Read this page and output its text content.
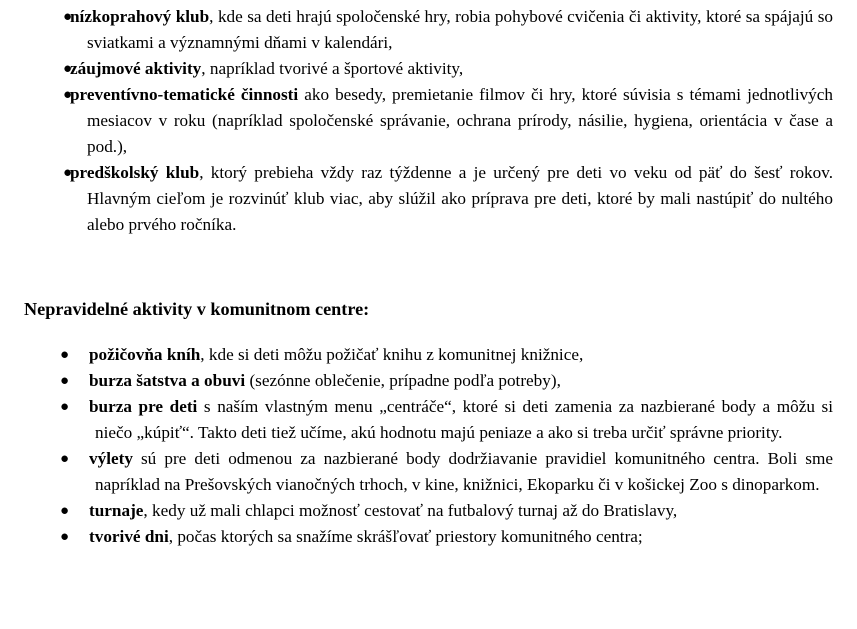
●
nízkoprahový klub, kde sa deti hrajú spoločenské hry, robia pohybové cvičenia či aktivity, ktoré sa spájajú so sviatkami a významnými dňami v kalendári,
●
záujmové aktivity, napríklad tvorivé a športové aktivity,
●
preventívno-tematické činnosti ako besedy, premietanie filmov či hry, ktoré súvisia s témami jednotlivých mesiacov v roku (napríklad spoločenské správanie, ochrana prírody, násilie, hygiena, orientácia v čase a pod.),
●
predškolský klub, ktorý prebieha vždy raz týždenne a je určený pre deti vo veku od päť do šesť rokov. Hlavným cieľom je rozvinúť klub viac, aby slúžil ako príprava pre deti, ktoré by mali nastúpiť do nultého alebo prvého ročníka.
Nepravidelné aktivity v komunitnom centre:
● požičovňa kníh, kde si deti môžu požičať knihu z komunitnej knižnice,
● burza šatstva a obuvi (sezónne oblečenie, prípadne podľa potreby),
● burza pre deti s naším vlastným menu „centráče“, ktoré si deti zamenia za nazbierané body a môžu si niečo „kúpiť“. Takto deti tiež učíme, akú hodnotu majú peniaze a ako si treba určiť správne priority.
● výlety sú pre deti odmenou za nazbierané body dodržiavanie pravidiel komunitného centra. Boli sme napríklad na Prešovských vianočných trhoch, v kine, knižnici, Ekoparku či v košickej Zoo s dinoparkom.
● turnaje, kedy už mali chlapci možnosť cestovať na futbalový turnaj až do Bratislavy,
● tvorivé dni, počas ktorých sa snažíme skrášľovať priestory komunitného centra;
